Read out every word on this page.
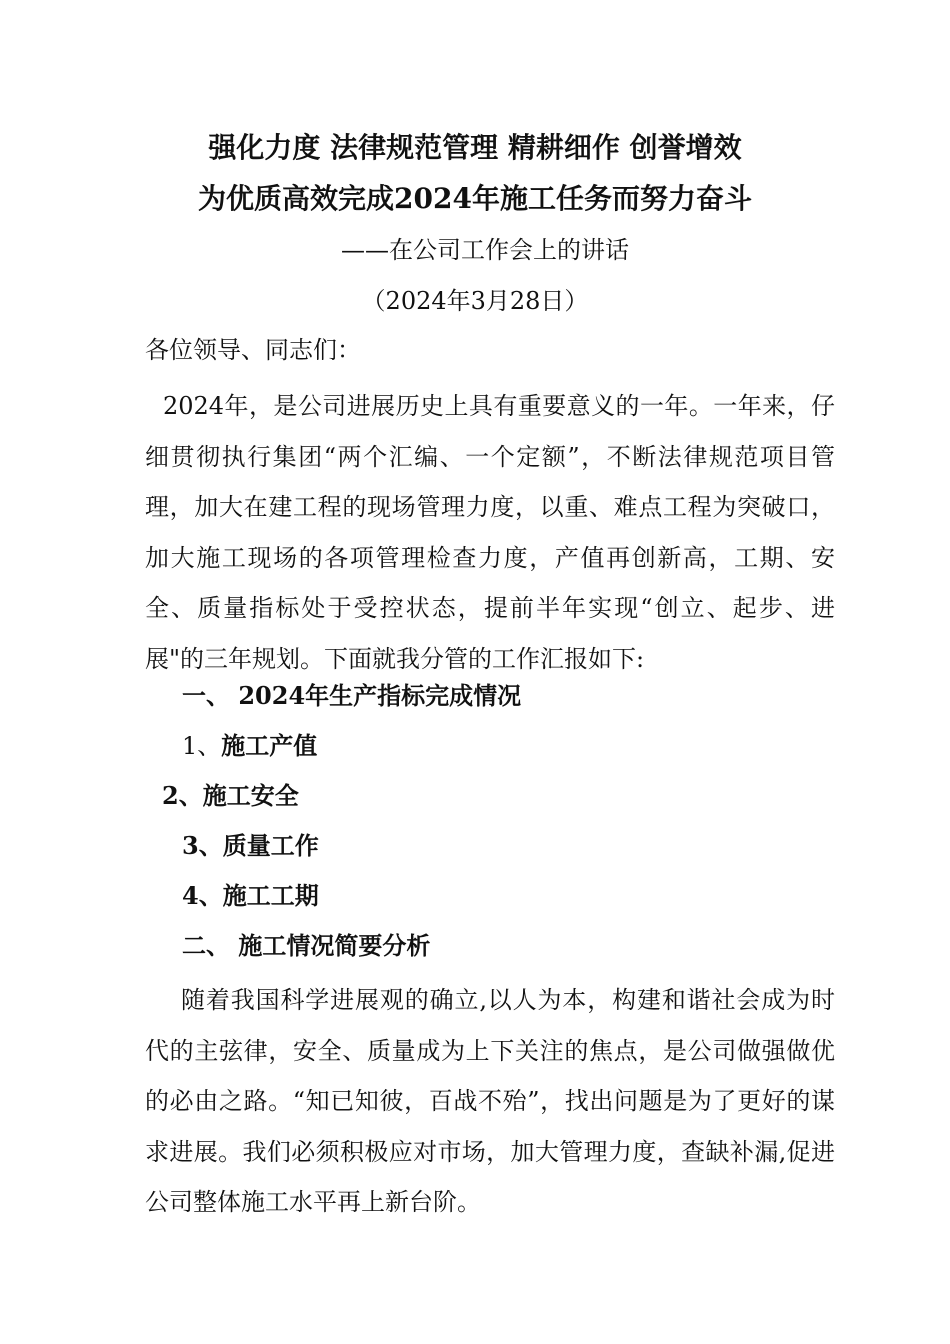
强化力度 法律规范管理 精耕细作 创誉增效
为优质高效完成2024年施工任务而努力奋斗
——在公司工作会上的讲话
（2024年3月28日）
各位领导、同志们：
2024年，是公司进展历史上具有重要意义的一年。一年来，仔细贯彻执行集团“两个汇编、一个定额”，不断法律规范项目管理，加大在建工程的现场管理力度，以重、难点工程为突破口，加大施工现场的各项管理检查力度，产值再创新高，工期、安全、质量指标处于受控状态，提前半年实现“创立、起步、进展"的三年规划。下面就我分管的工作汇报如下:
一、 2024年生产指标完成情况
1、施工产值
2、施工安全
3、质量工作
4、施工工期
二、 施工情况简要分析
随着我国科学进展观的确立,以人为本，构建和谐社会成为时代的主弦律，安全、质量成为上下关注的焦点，是公司做强做优的必由之路。“知已知彼，百战不殆”，找出问题是为了更好的谋求进展。我们必须积极应对市场，加大管理力度，查缺补漏,促进公司整体施工水平再上新台阶。
